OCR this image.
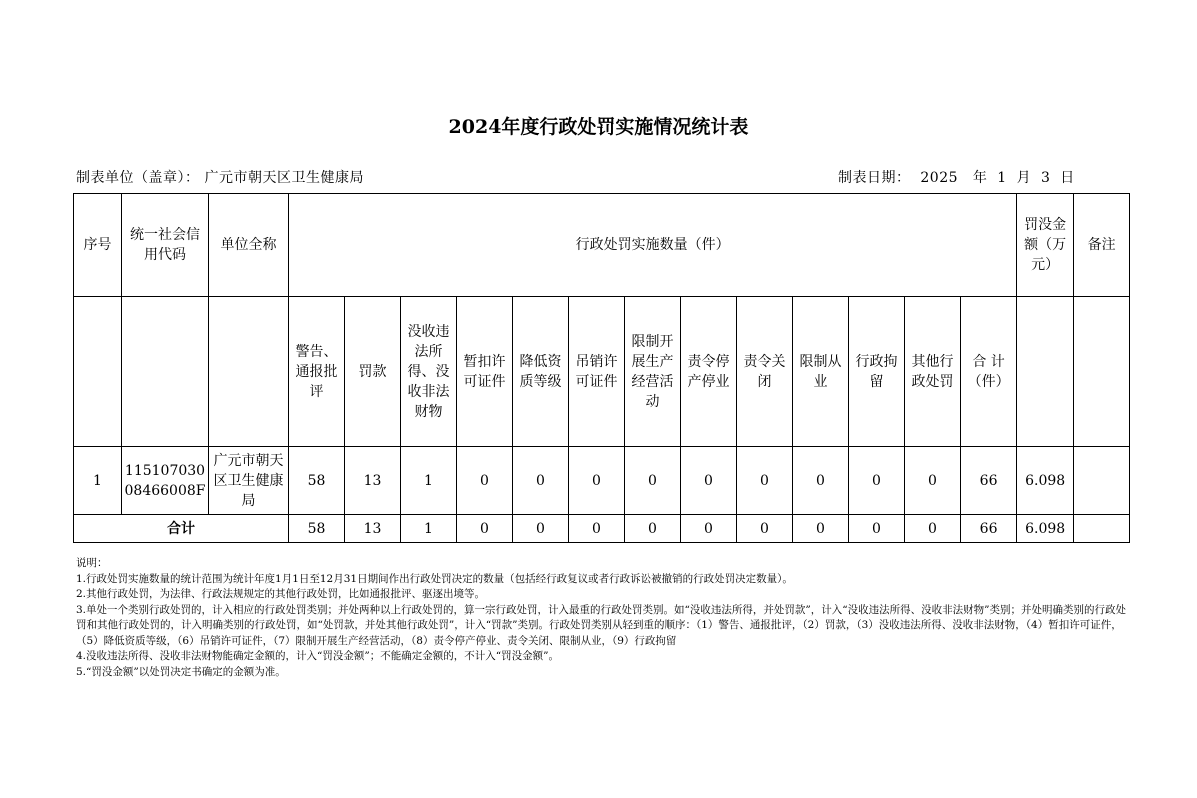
2024年度行政处罚实施情况统计表
制表单位（盖章）： 广元市朝天区卫生健康局	制表日期：  2025   年  1  月  3  日
序号	统一社会信用代码	单位全称	行政处罚实施数量（件）													罚没金额（万元）	备注
			警告、通报批评	罚款	没收违法所得、没收非法财物	暂扣许可证件	降低资质等级	吊销许可证件	限制开展生产经营活动	责令停产停业	责令关闭	限制从业	行政拘留	其他行政处罚	合 计（件）		
1	11510703008466008F	广元市朝天区卫生健康局	58	13	1	0	0	0	0	0	0	0	0	0	66	6.098	
合计			58	13	1	0	0	0	0	0	0	0	0	0	66	6.098	
说明：
1.行政处罚实施数量的统计范围为统计年度1月1日至12月31日期间作出行政处罚决定的数量（包括经行政复议或者行政诉讼被撤销的行政处罚决定数量）。
2.其他行政处罚，为法律、行政法规规定的其他行政处罚，比如通报批评、驱逐出境等。
3.单处一个类别行政处罚的，计入相应的行政处罚类别；并处两种以上行政处罚的，算一宗行政处罚，计入最重的行政处罚类别。如“没收违法所得，并处罚款”，计入“没收违法所得、没收非法财物”类别；并处明确类别的行政处罚和其他行政处罚的，计入明确类别的行政处罚，如“处罚款，并处其他行政处罚”，计入“罚款”类别。行政处罚类别从轻到重的顺序：（1）警告、通报批评，（2）罚款，（3）没收违法所得、没收非法财物，（4）暂扣许可证件，（5）降低资质等级，（6）吊销许可证件，（7）限制开展生产经营活动，（8）责令停产停业、责令关闭、限制从业，（9）行政拘留
4.没收违法所得、没收非法财物能确定金额的，计入“罚没金额”；不能确定金额的，不计入“罚没金额”。
5.“罚没金额”以处罚决定书确定的金额为准。
